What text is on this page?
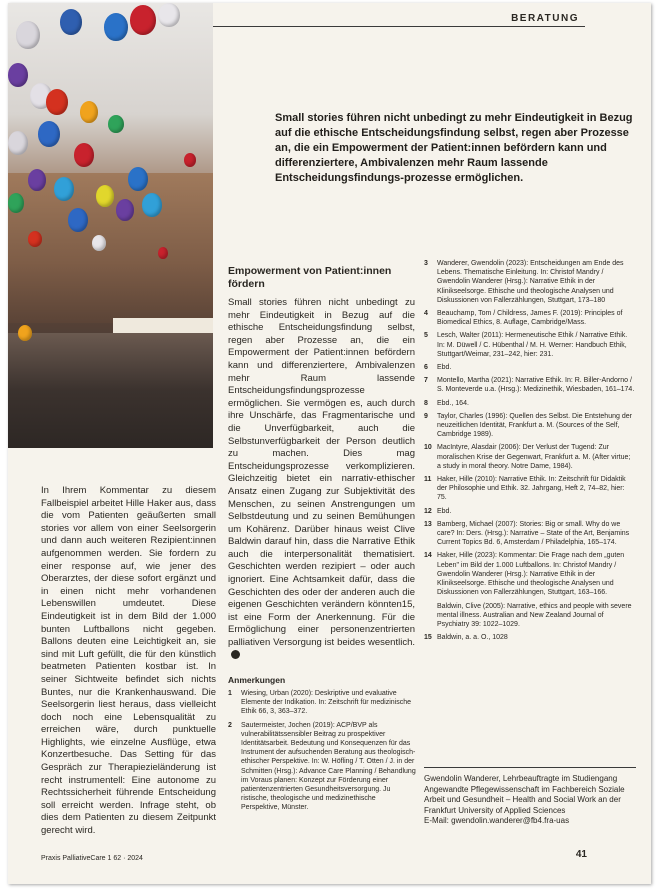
BERATUNG
Small stories führen nicht unbedingt zu mehr Eindeutigkeit in Bezug auf die ethische Entscheidungsfindung selbst, regen aber Prozesse an, die ein Empowerment der Patient:innen befördern kann und differenziertere, Ambivalenzen mehr Raum lassende Entscheidungsfindungs-prozesse ermöglichen.

In Ihrem Kommentar zu diesem Fallbeispiel arbeitet Hille Haker aus, dass die vom Patienten geäußerten small stories vor allem von einer Seelsorgerin und dann auch weiteren Rezipient:innen aufgenommen werden. Sie fordern zu einer response auf, wie jener des Oberarztes, der diese sofort ergänzt und in einen nicht mehr vorhandenen Lebenswillen umdeutet. Diese Eindeutigkeit ist in dem Bild der 1.000 bunten Luftballons nicht gegeben. Ballons deuten eine Leichtigkeit an, sie sind mit Luft gefüllt, die für den künstlich beatmeten Patienten kostbar ist. In seiner Sichtweite befindet sich nichts Buntes, nur die Krankenhauswand. Die Seelsorgerin liest heraus, dass vielleicht doch noch eine Lebensqualität zu erreichen wäre, durch punktuelle Highlights, wie einzelne Ausflüge, etwa Konzertbesuche. Das Setting für das Gespräch zur Therapiezieländerung ist recht instrumentell: Eine autonome zu Rechtssicherheit führende Entscheidung soll erreicht werden. Infrage steht, ob dies dem Patienten zu diesem Zeitpunkt gerecht wird.

Empowerment von Patient:innen fördern

Small stories führen nicht unbedingt zu mehr Eindeutigkeit in Bezug auf die ethische Entscheidungsfindung selbst, regen aber Prozesse an, die ein Empowerment der Patient:innen befördern kann und differenziertere, Ambivalenzen mehr Raum lassende Entscheidungsfindungsprozesse ermöglichen. Sie vermögen es, auch durch ihre Unschärfe, das Fragmentarische und die Unverfügbarkeit, auch die Selbstunverfügbarkeit der Person deutlich zu machen. Dies mag Entscheidungsprozesse verkomplizieren. Gleichzeitig bietet ein narrativ-ethischer Ansatz einen Zugang zur Subjektivität des Menschen, zu seinen Anstrengungen um Selbstdeutung und zu seinen Bemühungen um Kohärenz. Darüber hinaus weist Clive Baldwin darauf hin, dass die Narrative Ethik auch die interpersonalität thematisiert. Geschichten werden rezipiert – oder auch ignoriert. Eine Achtsamkeit dafür, dass die Geschichten des oder der anderen auch die eigenen Geschichten verändern könnten15, ist eine Form der Anerkennung. Für die Ermöglichung einer personenzentrierten palliativen Versorgung ist beides wesentlich.

Anmerkungen
1	Wiesing, Urban (2020): Deskriptive und evaluative Elemente der Indikation. In: Zeitschrift für medizinische Ethik 66, 3, 363–372.
2	Sautermeister, Jochen (2019): ACP/BVP als vulnerabilitätssensibler Beitrag zu prospektiver Identitätsarbeit. Bedeutung und Konsequenzen für das Instrument der aufsuchenden Beratung aus theologisch-ethischer Perspektive. In: W. Höfling / T. Otten / J. in der Schmitten (Hrsg.): Advance Care Planning / Behandlung im Voraus planen: Konzept zur Förderung einer patientenzentrierten Gesundheitsversorgung. Ju ristische, theologische und medizinethische Perspektive, Münster.
3	Wanderer, Gwendolin (2023): Entscheidungen am Ende des Lebens. Thematische Einleitung. In: Christof Mandry / Gwendolin Wanderer (Hrsg.): Narrative Ethik in der Klinikseelsorge. Ethische und theologische Analysen und Diskussionen von Fallerzählungen, Stuttgart, 173–180
4	Beauchamp, Tom / Childress, James F. (2019): Principles of Biomedical Ethics, 8. Auflage, Cambridge/Mass.
5	Lesch, Walter (2011): Hermeneutische Ethik / Narrative Ethik. In: M. Düwell / C. Hübenthal / M. H. Werner: Handbuch Ethik, Stuttgart/Weimar, 231–242, hier: 231.
6	Ebd.
7	Montello, Martha (2021): Narrative Ethik. In: R. Biller-Andorno / S. Monteverde u.a. (Hrsg.): Medizinethik, Wiesbaden, 161–174.
8	Ebd., 164.
9	Taylor, Charles (1996): Quellen des Selbst. Die Entstehung der neuzeitlichen Identität, Frankfurt a. M. (Sources of the Self, Cambridge 1989).
10 MacIntyre, Alasdair (2006): Der Verlust der Tugend: Zur moralischen Krise der Gegenwart, Frankfurt a. M. (After virtue; a study in moral theory. Notre Dame, 1984).
11 Haker, Hille (2010): Narrative Ethik. In: Zeitschrift für Didaktik der Philosophie und Ethik. 32. Jahrgang, Heft 2, 74–82, hier: 75.
12 Ebd.
13 Bamberg, Michael (2007): Stories: Big or small. Why do we care? In: Ders. (Hrsg.): Narrative – State of the Art, Benjamins Current Topics Bd. 6, Amsterdam / Philadelphia, 165–174.
14 Haker, Hille (2023): Kommentar: Die Frage nach dem „guten Leben" im Bild der 1.000 Luftballons. In: Christof Mandry / Gwendolin Wanderer (Hrsg.): Narrative Ethik in der Klinikseelsorge. Ethische und theologische Analysen und Diskussionen von Fallerzählungen, Stuttgart, 163–166.
Baldwin, Clive (2005): Narrative, ethics and people with severe mental illness. Australian and New Zealand Journal of Psychiatry 39: 1022–1029.
15 Baldwin, a. a. O., 1028
Gwendolin Wanderer, Lehrbeauftragte im Studiengang Angewandte Pflegewissenschaft im Fachbereich Soziale Arbeit und Gesundheit – Health and Social Work an der Frankfurt University of Applied Sciences
E-Mail: gwendolin.wanderer@fb4.fra-uas
Praxis PalliativeCare 1 62 · 2024	41
